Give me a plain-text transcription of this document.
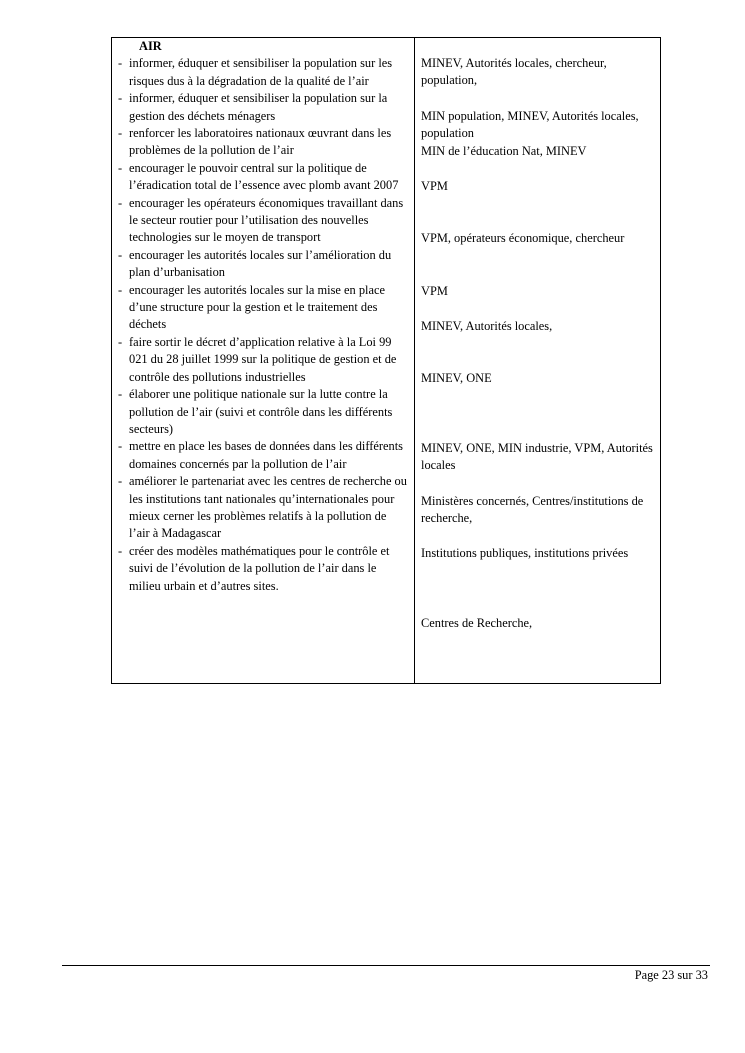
AIR
- informer, éduquer et sensibiliser la population sur les risques dus à la dégradation de la qualité de l’air
- informer, éduquer et sensibiliser la population sur la gestion des déchets ménagers
- renforcer les laboratoires nationaux œuvrant dans les problèmes de la pollution de l’air
- encourager le pouvoir central sur la politique de l’éradication total de l’essence avec plomb avant 2007
- encourager les opérateurs économiques travaillant dans le secteur routier pour l’utilisation des nouvelles technologies sur le moyen de transport
- encourager les autorités locales sur l’amélioration du plan d’urbanisation
- encourager les autorités locales sur la mise en place d’une structure pour la gestion et le traitement des déchets
- faire sortir le décret d’application relative à la Loi 99 021 du 28 juillet 1999 sur la politique de gestion et de contrôle des pollutions industrielles
- élaborer une politique nationale sur la lutte contre la pollution de l’air (suivi et contrôle dans les différents secteurs)
- mettre en place les bases de données dans les différents domaines concernés par la pollution de l’air
- améliorer le partenariat avec les centres de recherche ou les institutions tant nationales qu’internationales pour mieux cerner les problèmes relatifs à la pollution de l’air à Madagascar
- créer des modèles mathématiques pour le contrôle et suivi de l’évolution de la pollution de l’air dans le milieu urbain et d’autres sites.
MINEV, Autorités locales, chercheur, population,
MIN population, MINEV, Autorités locales, population
MIN de l’éducation Nat, MINEV
VPM
VPM, opérateurs économique, chercheur
VPM
MINEV, Autorités locales,
MINEV, ONE
MINEV, ONE, MIN industrie, VPM, Autorités locales
Ministères concernés, Centres/institutions de recherche,
Institutions publiques, institutions privées
Centres de Recherche,
Page 23 sur 33
